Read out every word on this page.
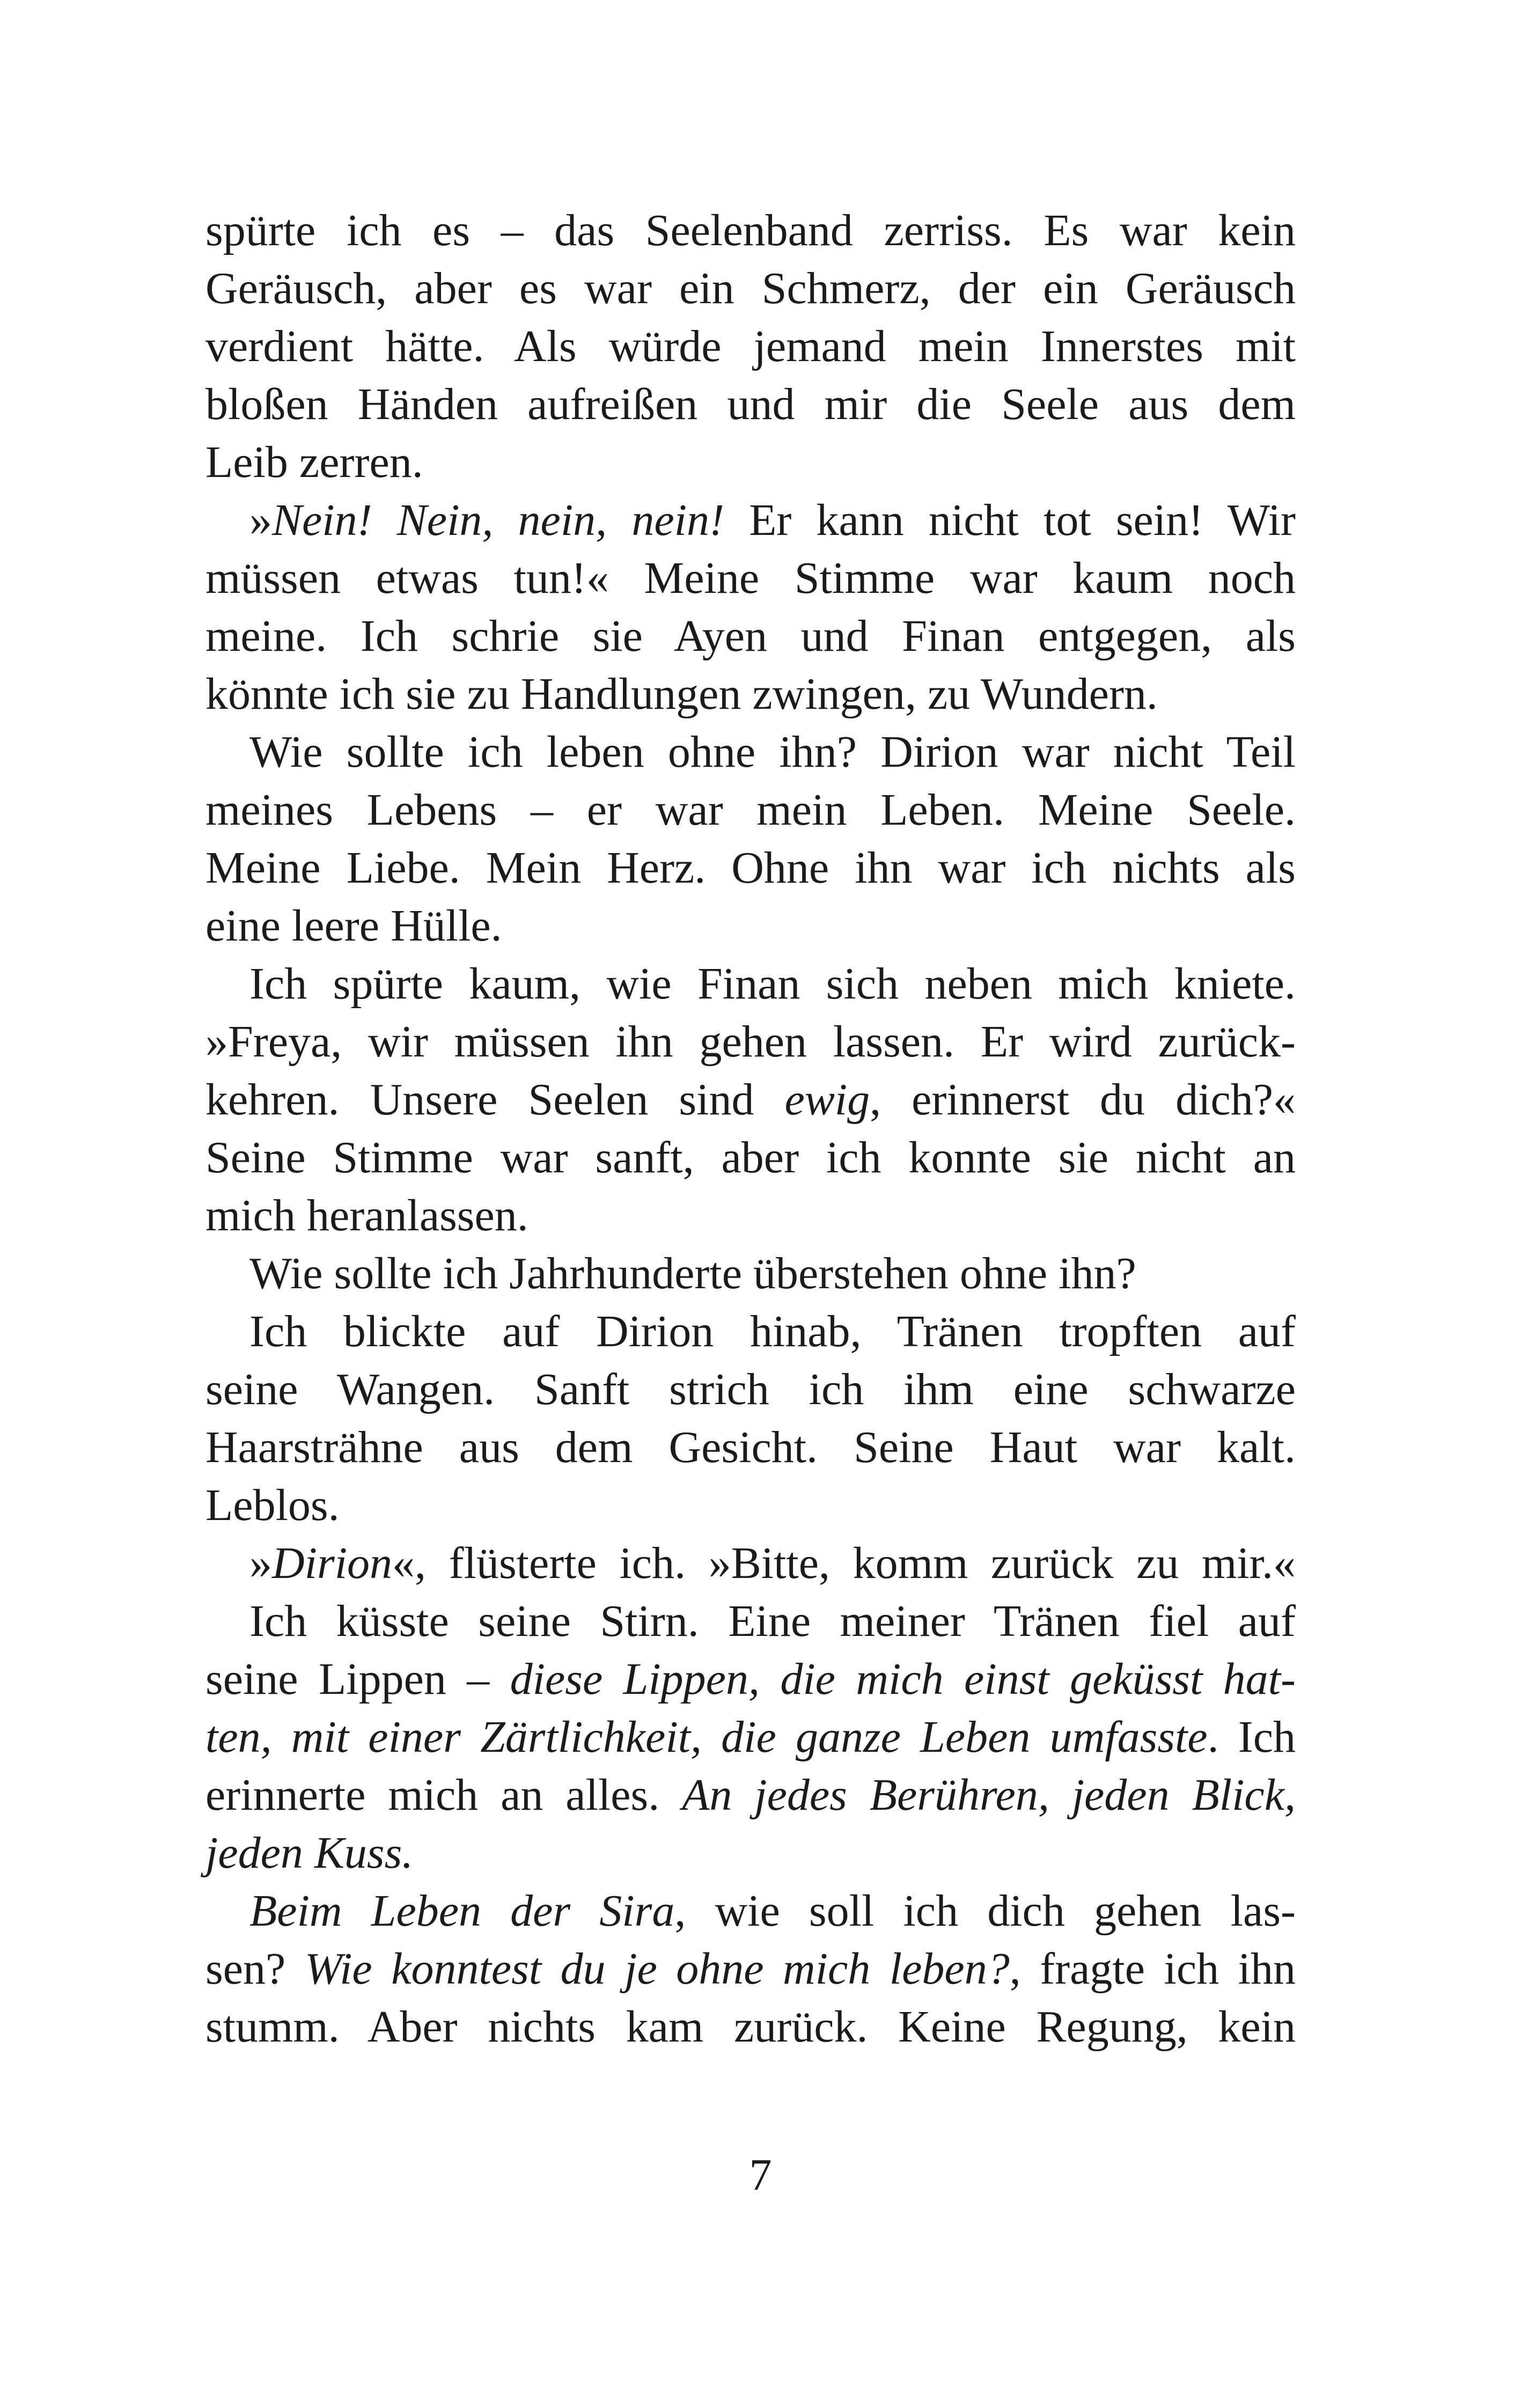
spürte ich es – das Seelenband zerriss. Es war kein
Geräusch, aber es war ein Schmerz, der ein Geräusch
verdient hätte. Als würde jemand mein Innerstes mit
bloßen Händen aufreißen und mir die Seele aus dem
Leib zerren.
»Nein! Nein, nein, nein! Er kann nicht tot sein! Wir
müssen etwas tun!« Meine Stimme war kaum noch
meine. Ich schrie sie Ayen und Finan entgegen, als
könnte ich sie zu Handlungen zwingen, zu Wundern.
Wie sollte ich leben ohne ihn? Dirion war nicht Teil
meines Lebens – er war mein Leben. Meine Seele.
Meine Liebe. Mein Herz. Ohne ihn war ich nichts als
eine leere Hülle.
Ich spürte kaum, wie Finan sich neben mich kniete.
»Freya, wir müssen ihn gehen lassen. Er wird zurück-
kehren. Unsere Seelen sind ewig, erinnerst du dich?«
Seine Stimme war sanft, aber ich konnte sie nicht an
mich heranlassen.
Wie sollte ich Jahrhunderte überstehen ohne ihn?
Ich blickte auf Dirion hinab, Tränen tropften auf
seine Wangen. Sanft strich ich ihm eine schwarze
Haarsträhne aus dem Gesicht. Seine Haut war kalt.
Leblos.
»Dirion«, flüsterte ich. »Bitte, komm zurück zu mir.«
Ich küsste seine Stirn. Eine meiner Tränen fiel auf
seine Lippen – diese Lippen, die mich einst geküsst hat-
ten, mit einer Zärtlichkeit, die ganze Leben umfasste. Ich
erinnerte mich an alles. An jedes Berühren, jeden Blick,
jeden Kuss.
Beim Leben der Sira, wie soll ich dich gehen las-
sen? Wie konntest du je ohne mich leben?, fragte ich ihn
stumm. Aber nichts kam zurück. Keine Regung, kein
7
